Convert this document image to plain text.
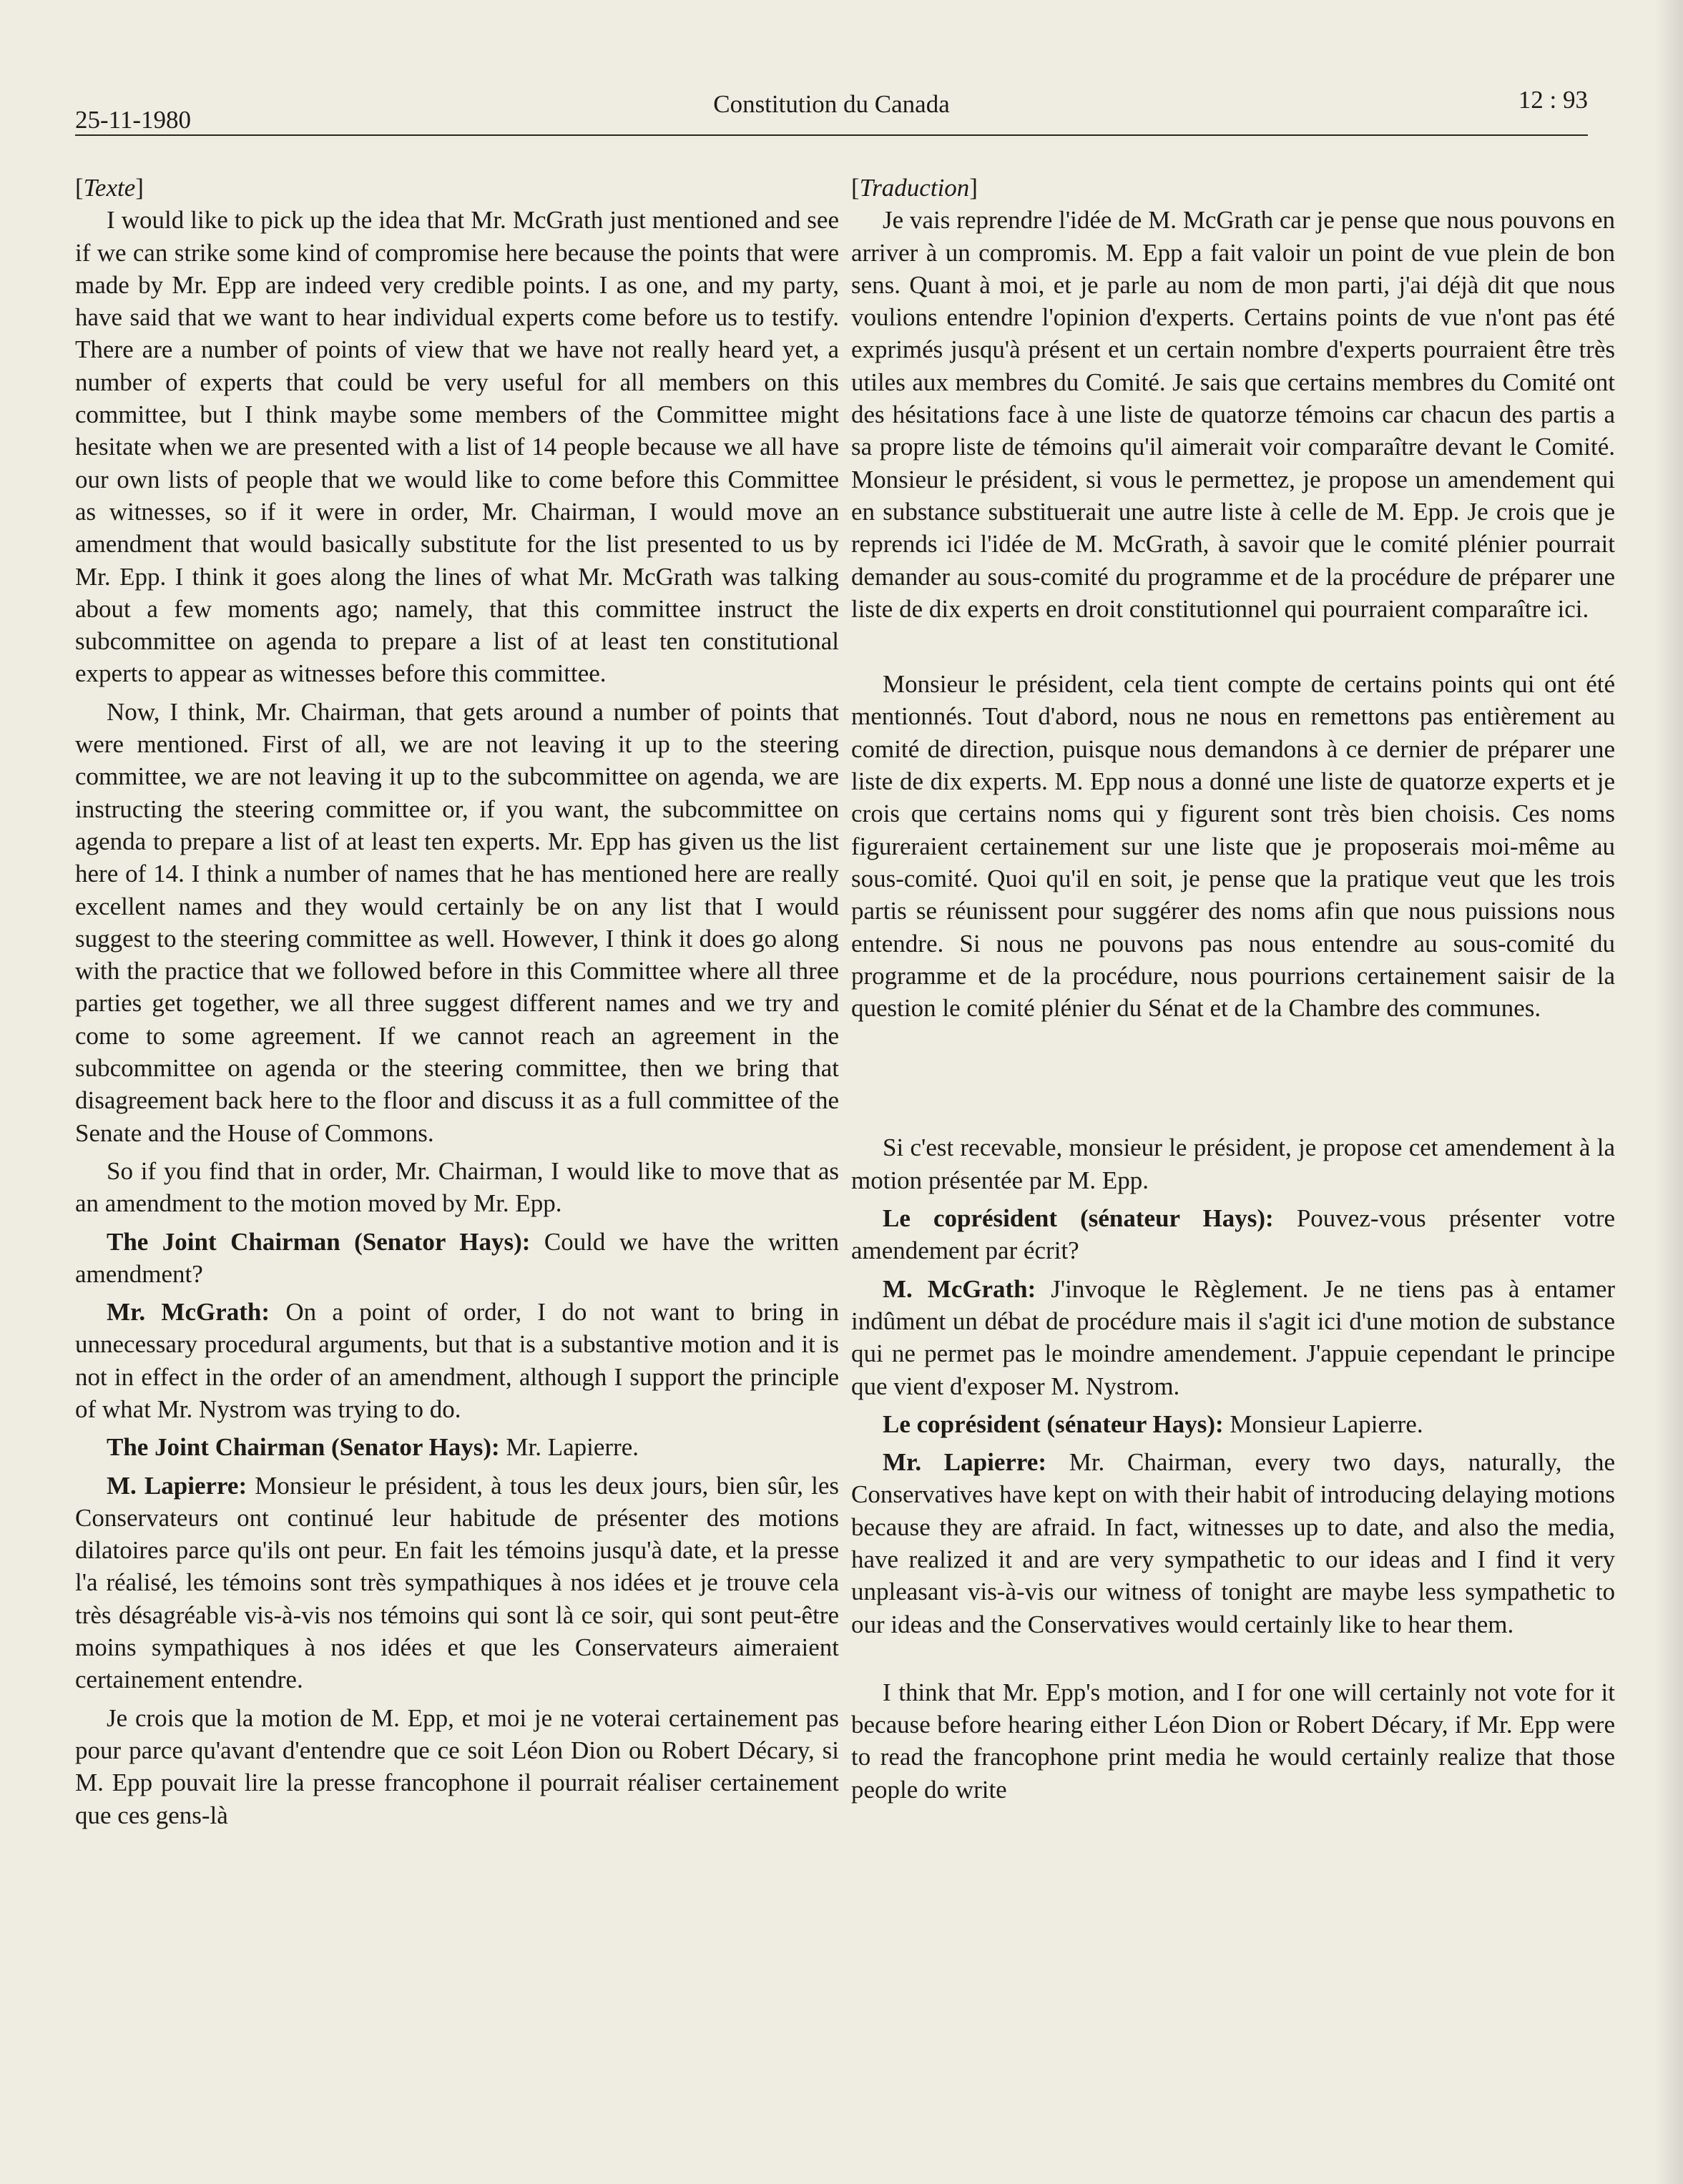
25-11-1980
Constitution du Canada	12 : 93

[Texte]

I would like to pick up the idea that Mr. McGrath just mentioned and see if we can strike some kind of compromise here because the points that were made by Mr. Epp are indeed very credible points. I as one, and my party, have said that we want to hear individual experts come before us to testify. There are a number of points of view that we have not really heard yet, a number of experts that could be very useful for all members on this committee, but I think maybe some members of the Committee might hesitate when we are presented with a list of 14 people because we all have our own lists of people that we would like to come before this Committee as witnesses, so if it were in order, Mr. Chairman, I would move an amendment that would basically substitute for the list presented to us by Mr. Epp. I think it goes along the lines of what Mr. McGrath was talking about a few moments ago; namely, that this committee instruct the subcommittee on agenda to prepare a list of at least ten constitutional experts to appear as witnesses before this committee.

Now, I think, Mr. Chairman, that gets around a number of points that were mentioned. First of all, we are not leaving it up to the steering committee, we are not leaving it up to the subcommittee on agenda, we are instructing the steering committee or, if you want, the subcommittee on agenda to prepare a list of at least ten experts. Mr. Epp has given us the list here of 14. I think a number of names that he has mentioned here are really excellent names and they would certainly be on any list that I would suggest to the steering committee as well. However, I think it does go along with the practice that we followed before in this Committee where all three parties get together, we all three suggest different names and we try and come to some agreement. If we cannot reach an agreement in the subcommittee on agenda or the steering committee, then we bring that disagreement back here to the floor and discuss it as a full committee of the Senate and the House of Commons.

So if you find that in order, Mr. Chairman, I would like to move that as an amendment to the motion moved by Mr. Epp.

The Joint Chairman (Senator Hays): Could we have the written amendment?

Mr. McGrath: On a point of order, I do not want to bring in unnecessary procedural arguments, but that is a substantive motion and it is not in effect in the order of an amendment, although I support the principle of what Mr. Nystrom was trying to do.

The Joint Chairman (Senator Hays): Mr. Lapierre.

M. Lapierre: Monsieur le président, à tous les deux jours, bien sûr, les Conservateurs ont continué leur habitude de présenter des motions dilatoires parce qu'ils ont peur. En fait les témoins jusqu'à date, et la presse l'a réalisé, les témoins sont très sympathiques à nos idées et je trouve cela très désagréable vis-à-vis nos témoins qui sont là ce soir, qui sont peut-être moins sympathiques à nos idées et que les Conservateurs aimeraient certainement entendre.

Je crois que la motion de M. Epp, et moi je ne voterai certainement pas pour parce qu'avant d'entendre que ce soit Léon Dion ou Robert Décary, si M. Epp pouvait lire la presse francophone il pourrait réaliser certainement que ces gens-là

[Traduction]

Je vais reprendre l'idée de M. McGrath car je pense que nous pouvons en arriver à un compromis. M. Epp a fait valoir un point de vue plein de bon sens. Quant à moi, et je parle au nom de mon parti, j'ai déjà dit que nous voulions entendre l'opinion d'experts. Certains points de vue n'ont pas été exprimés jusqu'à présent et un certain nombre d'experts pourraient être très utiles aux membres du Comité. Je sais que certains membres du Comité ont des hésitations face à une liste de quatorze témoins car chacun des partis a sa propre liste de témoins qu'il aimerait voir comparaître devant le Comité. Monsieur le président, si vous le permettez, je propose un amendement qui en substance substituerait une autre liste à celle de M. Epp. Je crois que je reprends ici l'idée de M. McGrath, à savoir que le comité plénier pourrait demander au sous-comité du programme et de la procédure de préparer une liste de dix experts en droit constitutionnel qui pourraient comparaître ici.

Monsieur le président, cela tient compte de certains points qui ont été mentionnés. Tout d'abord, nous ne nous en remettons pas entièrement au comité de direction, puisque nous demandons à ce dernier de préparer une liste de dix experts. M. Epp nous a donné une liste de quatorze experts et je crois que certains noms qui y figurent sont très bien choisis. Ces noms figureraient certainement sur une liste que je proposerais moi-même au sous-comité. Quoi qu'il en soit, je pense que la pratique veut que les trois partis se réunissent pour suggérer des noms afin que nous puissions nous entendre. Si nous ne pouvons pas nous entendre au sous-comité du programme et de la procédure, nous pourrions certainement saisir de la question le comité plénier du Sénat et de la Chambre des communes.

Si c'est recevable, monsieur le président, je propose cet amendement à la motion présentée par M. Epp.

Le coprésident (sénateur Hays): Pouvez-vous présenter votre amendement par écrit?

M. McGrath: J'invoque le Règlement. Je ne tiens pas à entamer indûment un débat de procédure mais il s'agit ici d'une motion de substance qui ne permet pas le moindre amendement. J'appuie cependant le principe que vient d'exposer M. Nystrom.

Le coprésident (sénateur Hays): Monsieur Lapierre.

Mr. Lapierre: Mr. Chairman, every two days, naturally, the Conservatives have kept on with their habit of introducing delaying motions because they are afraid. In fact, witnesses up to date, and also the media, have realized it and are very sympathetic to our ideas and I find it very unpleasant vis-à-vis our witness of tonight are maybe less sympathetic to our ideas and the Conservatives would certainly like to hear them.

I think that Mr. Epp's motion, and I for one will certainly not vote for it because before hearing either Léon Dion or Robert Décary, if Mr. Epp were to read the francophone print media he would certainly realize that those people do write
